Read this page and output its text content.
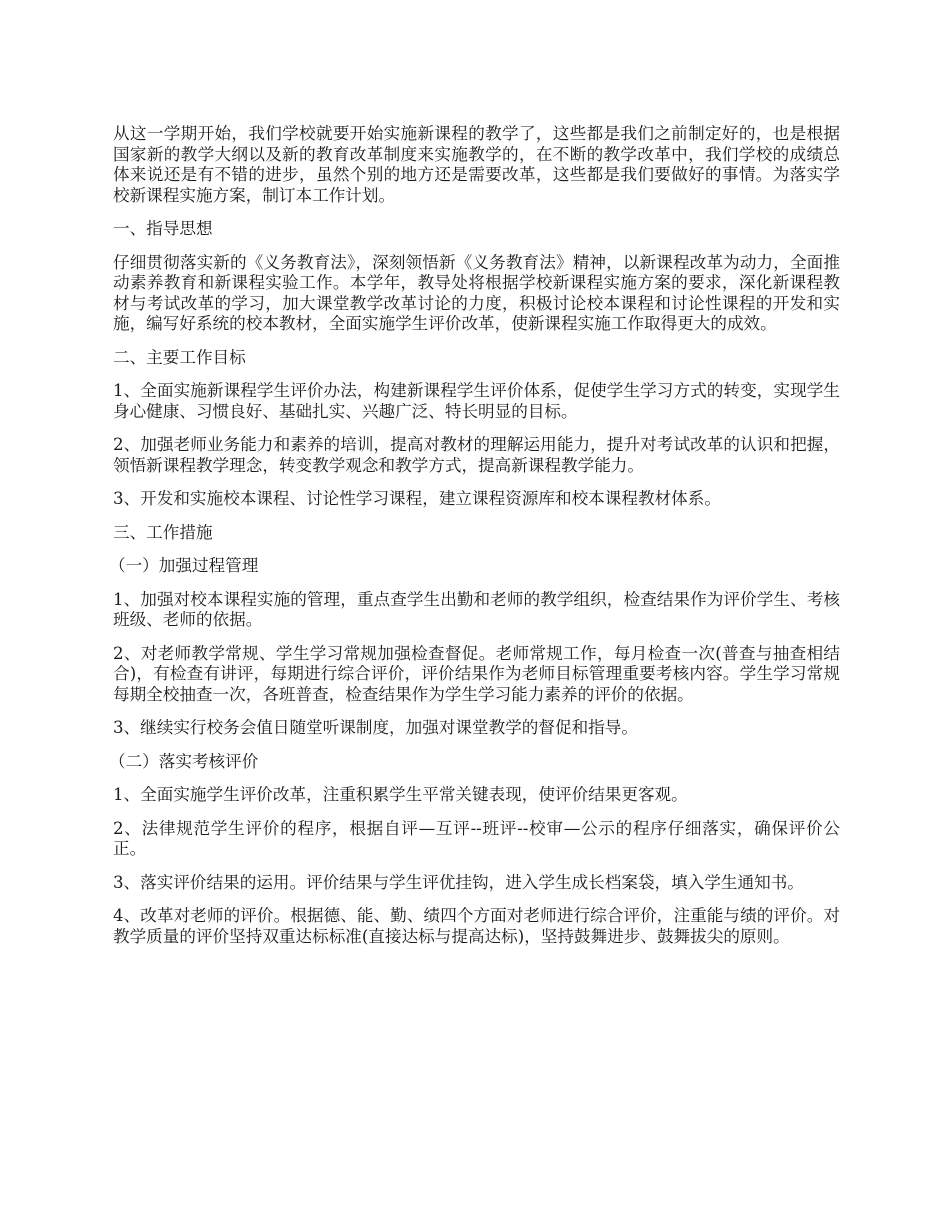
从这一学期开始，我们学校就要开始实施新课程的教学了，这些都是我们之前制定好的，也是根据国家新的教学大纲以及新的教育改革制度来实施教学的，在不断的教学改革中，我们学校的成绩总体来说还是有不错的进步，虽然个别的地方还是需要改革，这些都是我们要做好的事情。为落实学校新课程实施方案，制订本工作计划。

一、指导思想

仔细贯彻落实新的《义务教育法》，深刻领悟新《义务教育法》精神，以新课程改革为动力，全面推动素养教育和新课程实验工作。本学年，教导处将根据学校新课程实施方案的要求，深化新课程教材与考试改革的学习，加大课堂教学改革讨论的力度，积极讨论校本课程和讨论性课程的开发和实施，编写好系统的校本教材，全面实施学生评价改革，使新课程实施工作取得更大的成效。

二、主要工作目标

1、全面实施新课程学生评价办法，构建新课程学生评价体系，促使学生学习方式的转变，实现学生身心健康、习惯良好、基础扎实、兴趣广泛、特长明显的目标。

2、加强老师业务能力和素养的培训，提高对教材的理解运用能力，提升对考试改革的认识和把握，领悟新课程教学理念，转变教学观念和教学方式，提高新课程教学能力。

3、开发和实施校本课程、讨论性学习课程，建立课程资源库和校本课程教材体系。

三、工作措施

（一）加强过程管理

1、加强对校本课程实施的管理，重点查学生出勤和老师的教学组织，检查结果作为评价学生、考核班级、老师的依据。

2、对老师教学常规、学生学习常规加强检查督促。老师常规工作，每月检查一次(普查与抽查相结合)，有检查有讲评，每期进行综合评价，评价结果作为老师目标管理重要考核内容。学生学习常规每期全校抽查一次，各班普查，检查结果作为学生学习能力素养的评价的依据。

3、继续实行校务会值日随堂听课制度，加强对课堂教学的督促和指导。

（二）落实考核评价

1、全面实施学生评价改革，注重积累学生平常关键表现，使评价结果更客观。

2、法律规范学生评价的程序，根据自评—互评--班评--校审—公示的程序仔细落实，确保评价公正。

3、落实评价结果的运用。评价结果与学生评优挂钩，进入学生成长档案袋，填入学生通知书。

4、改革对老师的评价。根据德、能、勤、绩四个方面对老师进行综合评价，注重能与绩的评价。对教学质量的评价坚持双重达标标准(直接达标与提高达标)，坚持鼓舞进步、鼓舞拔尖的原则。
